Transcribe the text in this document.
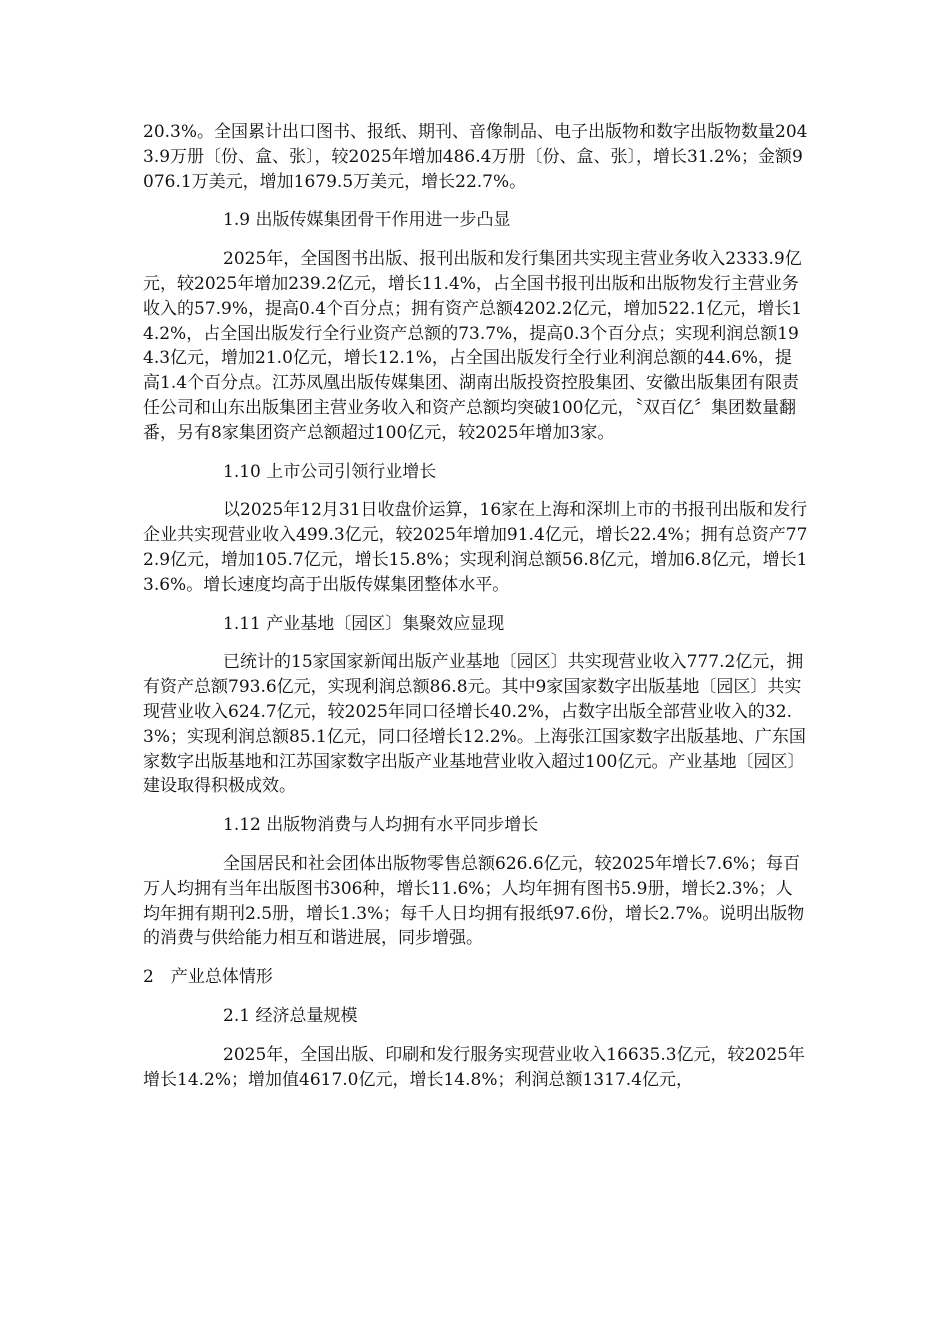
20.3%。全国累计出口图书、报纸、期刊、音像制品、电子出版物和数字出版物数量2043.9万册〔份、盒、张〕，较2025年增加486.4万册〔份、盒、张〕，增长31.2%；金额9076.1万美元，增加1679.5万美元，增长22.7%。

1.9 出版传媒集团骨干作用进一步凸显

2025年，全国图书出版、报刊出版和发行集团共实现主营业务收入2333.9亿元，较2025年增加239.2亿元，增长11.4%，占全国书报刊出版和出版物发行主营业务收入的57.9%，提高0.4个百分点；拥有资产总额4202.2亿元，增加522.1亿元，增长14.2%，占全国出版发行全行业资产总额的73.7%，提高0.3个百分点；实现利润总额194.3亿元，增加21.0亿元，增长12.1%，占全国出版发行全行业利润总额的44.6%，提高1.4个百分点。江苏凤凰出版传媒集团、湖南出版投资控股集团、安徽出版集团有限责任公司和山东出版集团主营业务收入和资产总额均突破100亿元，〝双百亿〞集团数量翻番，另有8家集团资产总额超过100亿元，较2025年增加3家。

1.10 上市公司引领行业增长

以2025年12月31日收盘价运算，16家在上海和深圳上市的书报刊出版和发行企业共实现营业收入499.3亿元，较2025年增加91.4亿元，增长22.4%；拥有总资产772.9亿元，增加105.7亿元，增长15.8%；实现利润总额56.8亿元，增加6.8亿元，增长13.6%。增长速度均高于出版传媒集团整体水平。

1.11 产业基地〔园区〕集聚效应显现

已统计的15家国家新闻出版产业基地〔园区〕共实现营业收入777.2亿元，拥有资产总额793.6亿元，实现利润总额86.8元。其中9家国家数字出版基地〔园区〕共实现营业收入624.7亿元，较2025年同口径增长40.2%，占数字出版全部营业收入的32.3%；实现利润总额85.1亿元，同口径增长12.2%。上海张江国家数字出版基地、广东国家数字出版基地和江苏国家数字出版产业基地营业收入超过100亿元。产业基地〔园区〕建设取得积极成效。

1.12 出版物消费与人均拥有水平同步增长

全国居民和社会团体出版物零售总额626.6亿元，较2025年增长7.6%；每百万人均拥有当年出版图书306种，增长11.6%；人均年拥有图书5.9册，增长2.3%；人均年拥有期刊2.5册，增长1.3%；每千人日均拥有报纸97.6份，增长2.7%。说明出版物的消费与供给能力相互和谐进展，同步增强。

2　产业总体情形
2.1 经济总量规模

2025年，全国出版、印刷和发行服务实现营业收入16635.3亿元，较2025年增长14.2%；增加值4617.0亿元，增长14.8%；利润总额1317.4亿元，
